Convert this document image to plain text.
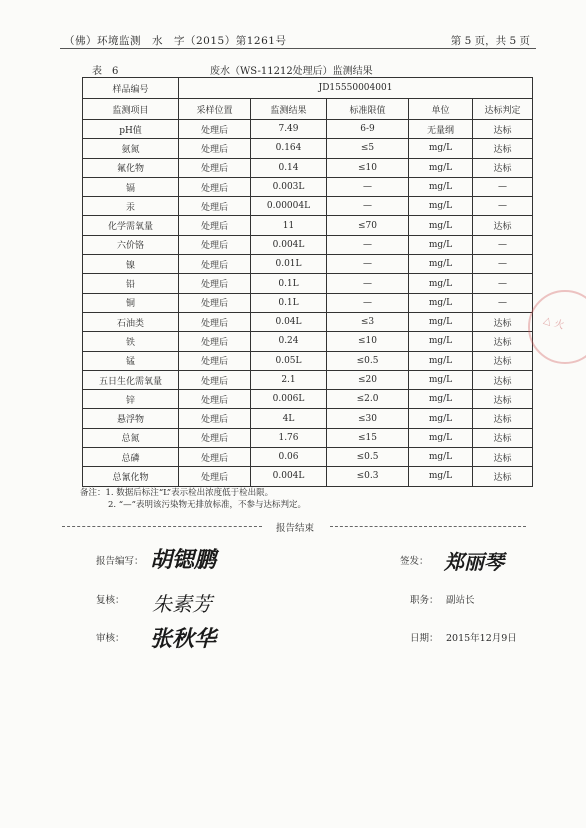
（佛）环境监测　水　字（2015）第1261号	第 5 页，共 5 页
表　6	废水（WS-11212处理后）监测结果
样品编号	JD15550004001				
监测项目	采样位置	监测结果	标准限值	单位	达标判定
pH值	处理后	7.49	6-9	无量纲	达标
氨氮	处理后	0.164	≤5	mg/L	达标
氟化物	处理后	0.14	≤10	mg/L	达标
镉	处理后	0.003L	—	mg/L	—
汞	处理后	0.00004L	—	mg/L	—
化学需氧量	处理后	11	≤70	mg/L	达标
六价铬	处理后	0.004L	—	mg/L	—
镍	处理后	0.01L	—	mg/L	—
铅	处理后	0.1L	—	mg/L	—
铜	处理后	0.1L	—	mg/L	—
石油类	处理后	0.04L	≤3	mg/L	达标
铁	处理后	0.24	≤10	mg/L	达标
锰	处理后	0.05L	≤0.5	mg/L	达标
五日生化需氧量	处理后	2.1	≤20	mg/L	达标
锌	处理后	0.006L	≤2.0	mg/L	达标
悬浮物	处理后	4L	≤30	mg/L	达标
总氮	处理后	1.76	≤15	mg/L	达标
总磷	处理后	0.06	≤0.5	mg/L	达标
总氰化物	处理后	0.004L	≤0.3	mg/L	达标
备注：1. 数据后标注“L”表示检出浓度低于检出限。
2. “—”表明该污染物无排放标准，不参与达标判定。
报告结束
报告编写： 胡锶鹏
复核： 朱素芳
审核： 张秋华
签发： 郑丽琴
职务： 副站长
日期： 2015年12月9日
△ 火
